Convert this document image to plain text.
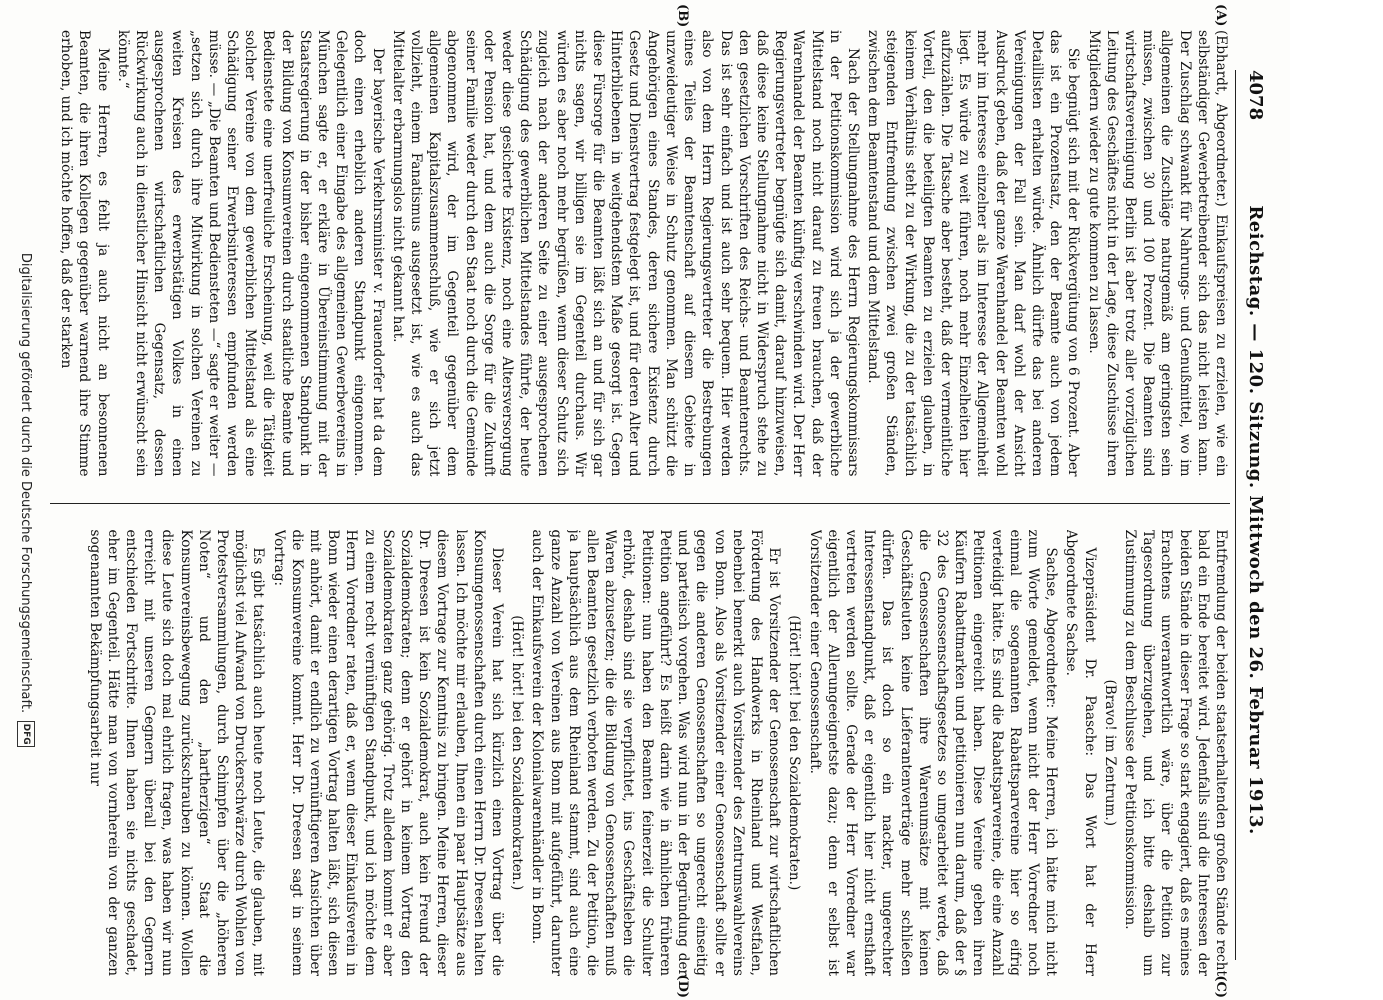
4078
Reichstag. — 120. Sitzung. Mittwoch den 26. Februar 1913.
(A)
(B)
(C)
(D)

(Ebhardt, Abgeordneter.) Einkaufspreisen zu erzielen, wie ein selbständiger Gewerbetreibender sich das nicht leisten kann. Der Zuschlag schwankt für Nahrungs- und Genußmittel, wo im allgemeinen die Zuschläge naturgemäß am geringsten sein müssen, zwischen 30 und 100 Prozent. Die Beamten sind wirtschaftsvereinigung Berlin ist aber trotz aller vorzüglichen Leitung des Geschäftes nicht in der Lage, diese Zuschüsse ihren Mitgliedern wieder zu gute kommen zu lassen.

Sie begnügt sich mit der Rückvergütung von 6 Prozent. Aber das ist ein Prozentsatz, den der Beamte auch von jedem Detaillisten erhalten würde. Ähnlich dürfte das bei anderen Vereinigungen der Fall sein. Man darf wohl der Ansicht Ausdruck geben, daß der ganze Warenhandel der Beamten wohl mehr im Interesse einzelner als im Interesse der Allgemeinheit liegt. Es würde zu weit führen, noch mehr Einzelheiten hier aufzuzählen. Die Tatsache aber besteht, daß der vermeintliche Vorteil, den die beteiligten Beamten zu erzielen glauben, in keinem Verhältnis steht zu der Wirkung, die zu der tatsächlich steigenden Entfremdung zwischen zwei großen Ständen, zwischen dem Beamtenstand und dem Mittelstand.

Nach der Stellungnahme des Herrn Regierungskommissars in der Petitionskommission wird sich ja der gewerbliche Mittelstand noch nicht darauf zu freuen brauchen, daß der Warenhandel der Beamten künftig verschwinden wird. Der Herr Regierungsvertreter begnügte sich damit, darauf hinzuweisen, daß diese keine Stellungnahme nicht in Widerspruch stehe zu den gesetzlichen Vorschriften des Reichs- und Beamtenrechts. Das ist sehr einfach und ist auch sehr bequem. Hier werden also von dem Herrn Regierungsvertreter die Bestrebungen eines Teiles der Beamtenschaft auf diesem Gebiete in unzweideutiger Weise in Schutz genommen. Man schützt die Angehörigen eines Standes, deren sichere Existenz durch Gesetz und Dienstvertrag festgelegt ist, und für deren Alter und Hinterbliebenen in weitgehendstem Maße gesorgt ist. Gegen diese Fürsorge für die Beamten läßt sich an und für sich gar nichts sagen, wir billigen sie im Gegenteil durchaus. Wir würden es aber noch mehr begrüßen, wenn dieser Schutz sich zugleich nach der anderen Seite zu einer ausgesprochenen Schädigung des gewerblichen Mittelstandes führte, der heute weder diese gesicherte Existenz, noch eine Altersversorgung oder Pension hat, und dem auch die Sorge für die Zukunft seiner Familie weder durch den Staat noch durch die Gemeinde abgenommen wird, der im Gegenteil gegenüber dem allgemeinen Kapitalszusammenschluß, wie er sich jetzt vollzieht, einem Fanatismus ausgesetzt ist, wie es auch das Mittelalter erbarmungslos nicht gekannt hat.

Der bayerische Verkehrsminister v. Frauendorfer hat da dem doch einen erheblich anderen Standpunkt eingenommen. Gelegentlich einer Eingabe des allgemeinen Gewerbevereins in München sagte er, er erkläre in Übereinstimmung mit der Staatsregierung in der bisher eingenommenen Standpunkt in der Bildung von Konsumvereinen durch staatliche Beamte und Bedienstete eine unerfreuliche Erscheinung, weil die Tätigkeit solcher Vereine von dem gewerblichen Mittelstand als eine Schädigung seiner Erwerbsinteressen empfunden werden müsse. — „Die Beamten und Bediensteten —“ sagte er weiter — „setzen sich durch ihre Mitwirkung in solchen Vereinen zu weiten Kreisen des erwerbstätigen Volkes in einen ausgesprochenen wirtschaftlichen Gegensatz, dessen Rückwirkung auch in dienstlicher Hinsicht nicht erwünscht sein könnte.“

Meine Herren, es fehlt ja auch nicht an besonnenen Beamten, die ihren Kollegen gegenüber warnend ihre Stimme erhoben, und ich möchte hoffen, daß der starken

Entfremdung der beiden staatserhaltenden großen Stände recht bald ein Ende bereitet wird. Jedenfalls sind die Interessen der beiden Stände in dieser Frage so stark engagiert, daß es meines Erachtens unverantwortlich wäre, über die Petition zur Tagesordnung überzugehen, und ich bitte deshalb um Zustimmung zu dem Beschlusse der Petitionskommission.

(Bravo! im Zentrum.)

Vizepräsident Dr. Paasche: Das Wort hat der Herr Abgeordnete Sachse.

Sachse, Abgeordneter: Meine Herren, ich hätte mich nicht zum Worte gemeldet, wenn nicht der Herr Vorredner noch einmal die sogenannten Rabattsparvereine hier so eifrig verteidigt hätte. Es sind die Rabattsparvereine, die eine Anzahl Petitionen eingereicht haben. Diese Vereine geben ihren Käufern Rabattmarken und petitionieren nun darum, daß der § 32 des Genossenschaftsgesetzes so umgearbeitet werde, daß die Genossenschaften ihre Warenumsätze mit keinen Geschäftsleuten keine Lieferantenverträge mehr schließen dürfen. Das ist doch so ein nackter, ungerechter Interessenstandpunkt, daß er eigentlich hier nicht ernsthaft vertreten werden sollte. Gerade der Herr Vorredner war eigentlich der Allerungeeignetste dazu; denn er selbst ist Vorsitzender einer Genossenschaft.

(Hört! hört! bei den Sozialdemokraten.)

Er ist Vorsitzender der Genossenschaft zur wirtschaftlichen Förderung des Handwerks in Rheinland und Westfalen, nebenbei bemerkt auch Vorsitzender des Zentrumswahlvereins von Bonn. Also als Vorsitzender einer Genossenschaft sollte er gegen die anderen Genossenschaften so ungerecht einseitig und parteiisch vorgehen. Was wird nun in der Begründung der Petition angeführt? Es heißt darin wie in ähnlichen früheren Petitionen: nun haben den Beamten feinerzeit die Schulter erhöht, deshalb sind sie verpflichtet, ins Geschäftsleben die Waren abzusetzen; die die Bildung von Genossenschaften muß allen Beamten gesetzlich verboten werden. Zu der Petition, die ja hauptsächlich aus dem Rheinland stammt, sind auch eine ganze Anzahl von Vereinen aus Bonn mit aufgeführt, darunter auch der Einkaufsverein der Kolonialwarenhändler in Bonn.

(Hört! hört! bei den Sozialdemokraten.)

Dieser Verein hat sich kürzlich einen Vortrag über die Konsumgenossenschaften durch einen Herrn Dr. Dreesen halten lassen. Ich möchte mir erlauben, Ihnen ein paar Hauptsätze aus diesem Vortrage zur Kenntnis zu bringen. Meine Herren, dieser Dr. Dreesen ist kein Sozialdemokrat, auch kein Freund der Sozialdemokraten; denn er gehört in keinem Vortrag den Sozialdemokraten ganz gehörig. Trotz alledem kommt er aber zu einem recht vernünftigen Standpunkt, und ich möchte dem Herrn Vorredner raten, daß er, wenn dieser Einkaufsverein in Bonn wieder einen derartigen Vortrag halten läßt, sich diesen mit anhört, damit er endlich zu vernünftigeren Ansichten über die Konsumvereine kommt. Herr Dr. Dreesen sagt in seinem Vortrag:

Es gibt tatsächlich auch heute noch Leute, die glauben, mit möglichst viel Aufwand von Druckerschwärze durch Wohlen von Protestversammlungen, durch Schimpfen über die „höheren Noten“ und den „hartherzigen“ Staat die Konsumvereinsbewegung zurückschrauben zu können. Wollen diese Leute sich doch mal ehrlich fragen, was haben wir nun erreicht mit unseren Gegnern überall bei den Gegnern entschieden Fortschritte. Ihnen haben sie nichts geschadet, eher im Gegenteil. Hätte man von vornherein von der ganzen sogenannten Bekämpfungsarbeit nur

Digitalisierung gefördert durch die Deutsche Forschungsgemeinschaft.
DFG
